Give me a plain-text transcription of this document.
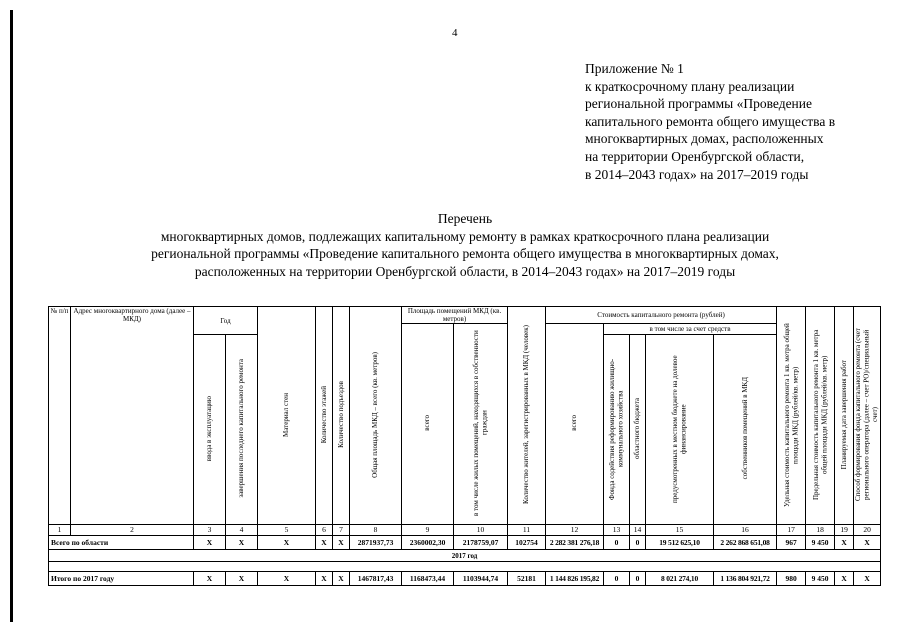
4
Приложение № 1
к краткосрочному плану реализации
региональной программы «Проведение
капитального ремонта общего имущества в
многоквартирных домах, расположенных
на территории Оренбургской области,
в 2014–2043 годах» на 2017–2019 годы
Перечень
многоквартирных домов, подлежащих капитальному ремонту в рамках краткосрочного плана реализации
региональной программы «Проведение капитального ремонта общего имущества в многоквартирных домах,
расположенных на территории Оренбургской области, в 2014–2043 годах» на 2017–2019 годы
№ п/п	Адрес многоквартирного дома (далее – МКД)	Год		Материал стен	Количество этажей	Количество подъездов	Общая площадь МКД – всего (кв. метров)	Площадь помещений МКД (кв. метров)		Количество жителей, зарегистрированных в МКД (человек)	Стоимость капитального ремонта (рублей)					Удельная стоимость капитального ремонта 1 кв. метра общей площади МКД (рублей/кв. метр)	Предельная стоимость капитального ремонта 1 кв. метра общей площади МКД (рублей/кв. метр)	Планируемая дата завершения работ	Способ формирования фонда капитального ремонта (счет регионального оператора (далее – счет РО)/специальный счет)
								всего	в том числе жилых помещений, находящихся в собственности граждан		всего	в том числе за счет средств							
		ввода в эксплуатацию	завершения последнего капитального ремонта									Фонда содействия реформированию жилищно-коммунального хозяйства	областного бюджета	предусмотренных в местном бюджете на долевое финансирование	собственников помещений в МКД				
1	2	3	4	5	6	7	8	9	10	11	12	13	14	15	16	17	18	19	20
Всего по области		X	X	X	X	X	2871937,73	2360002,30	2178759,07	102754	2 282 381 276,18	0	0	19 512 625,10	2 262 868 651,08	967	9 450	X	X
2017 год																			

Итого по 2017 году		X	X	X	X	X	1467817,43	1168473,44	1103944,74	52181	1 144 826 195,82	0	0	8 021 274,10	1 136 804 921,72	980	9 450	X	X
